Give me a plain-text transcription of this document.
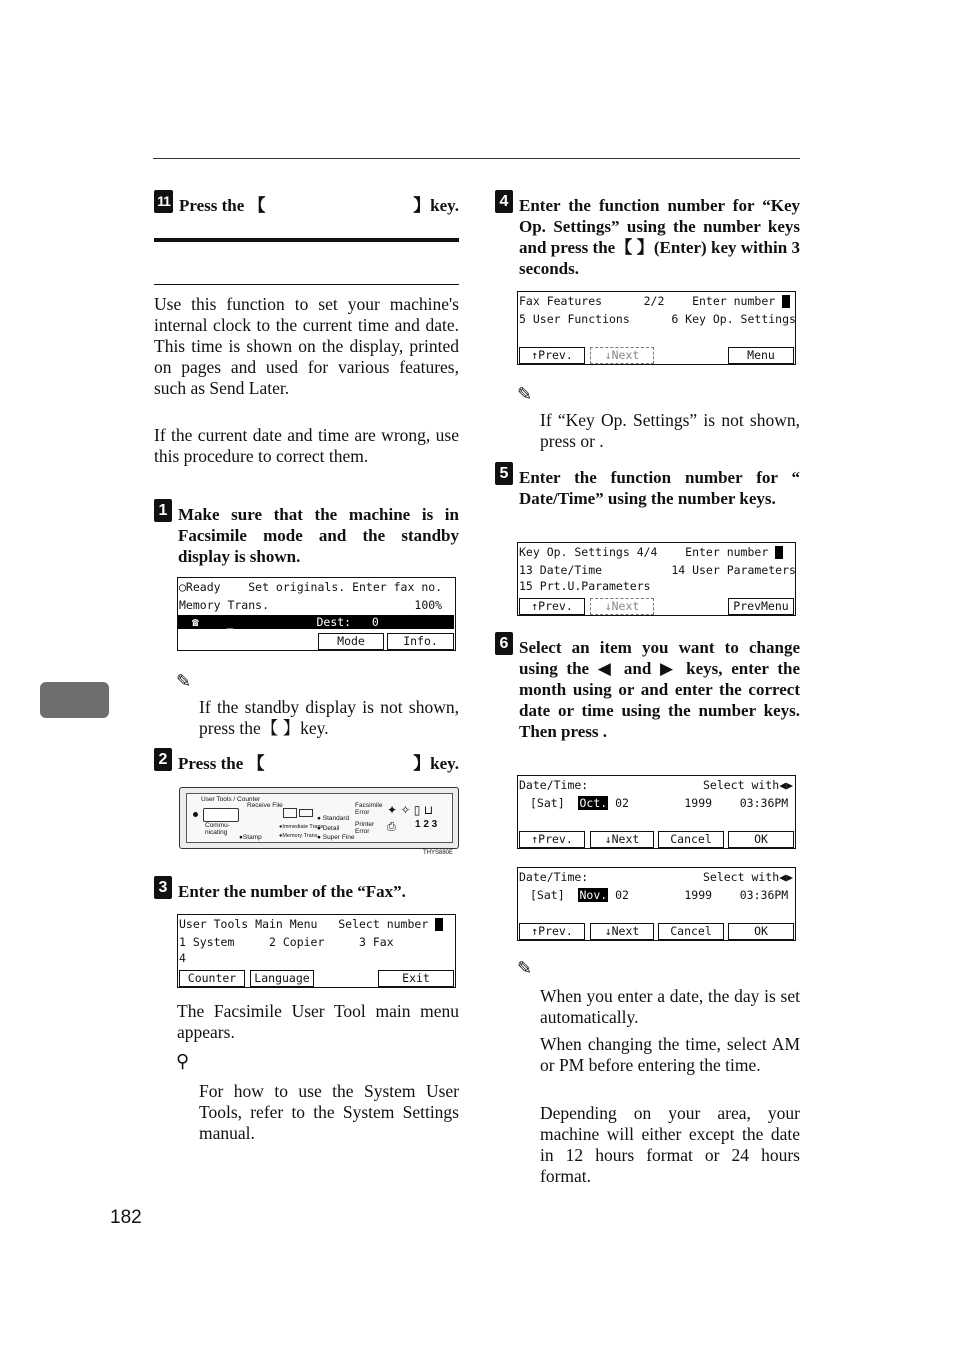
11 Press the 【	】key.
Use this function to set your machine's internal clock to the current time and date. This time is shown on the display, printed on pages and used for various features, such as Send Later.
If the current date and time are wrong, use this procedure to correct them.
1 Make sure that the machine is in Facsimile mode and the standby display is shown.
◯Ready    Set originals. Enter fax no.
Memory Trans.                     100%
☎    _            Dest:   0
Mode	Info.
✎
If the standby display is not shown, press the【 】key.
2 Press the 【	】key.
User Tools / Counter
Receive File
Commu-
nicating
●Stamp
●Immediate Trans.
●Memory Trans.
● Standard
● Detail
● Super Fine
Facsimile
Error
Printer
Error
✦ ✧ ▯ ⊔
⎙ 1 2 3
THYS880E
3 Enter the number of the “Fax”.
User Tools Main Menu   Select number
1 System     2 Copier     3 Fax
4
Counter	Language	Exit
The Facsimile User Tool main menu appears.
⚲
For how to use the System User Tools, refer to the System Settings manual.
4 Enter the function number for “Key Op. Settings” using the number keys and press the【 】(Enter) key within 3 seconds.
Fax Features      2/2    Enter number
5 User Functions      6 Key Op. Settings
↑Prev.	↓Next	Menu
✎
If “Key Op. Settings” is not shown, press or .
5 Enter the function number for “ Date/Time” using the number keys.
Key Op. Settings 4/4    Enter number
13 Date/Time          14 User Parameters
15 Prt.U.Parameters
↑Prev.	↓Next	PrevMenu
6 Select an item you want to change using the ◀ and ▶ keys, enter the month using or and enter the correct date or time using the number keys. Then press .
Date/Time:	Select with◀▶
[Sat] Oct. 02        1999    03:36PM
↑Prev.	↓Next	Cancel	OK
Date/Time:	Select with◀▶
[Sat] Nov. 02        1999    03:36PM
↑Prev.	↓Next	Cancel	OK
✎
When you enter a date, the day is set automatically.
When changing the time, select AM or PM before entering the time.
Depending on your area, your machine will either except the date in 12 hours format or 24 hours format.
182
